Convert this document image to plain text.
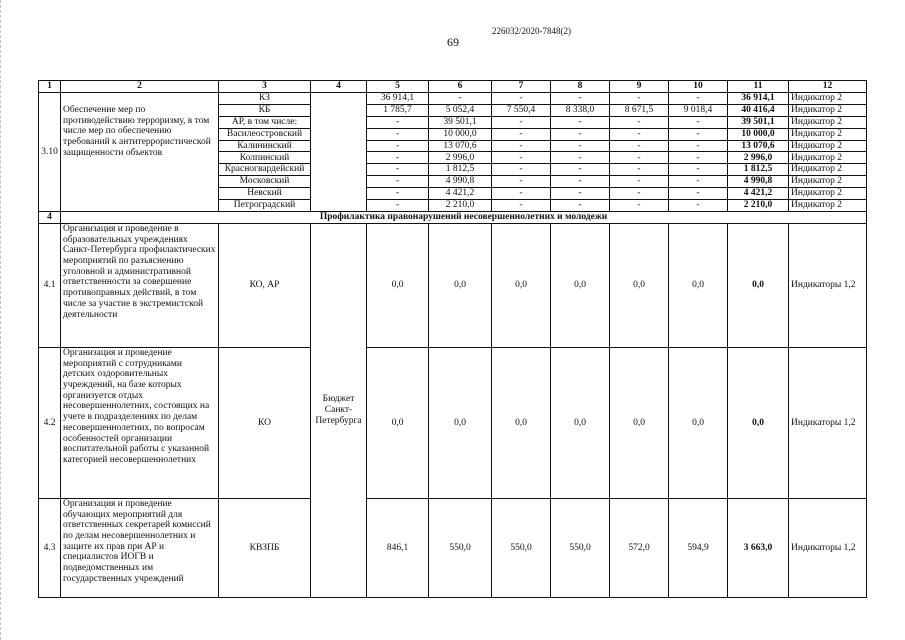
226032/2020-7848(2)
69
1	2	3	4	5	6	7	8	9	10	11	12
3.10	Обеспечение мер по противодействию терроризму, в том числе мер по обеспечению требований к антитеррористической защищенности объектов	КЗ		36 914,1	-	-	-	-	-	36 914,1	Индикатор 2
		КБ		1 785,7	5 052,4	7 550,4	8 338,0	8 671,5	9 018,4	40 416,4	Индикатор 2
		АР, в том числе:		-	39 501,1	-	-	-	-	39 501,1	Индикатор 2
		Василеостровский		-	10 000,0	-	-	-	-	10 000,0	Индикатор 2
		Калининский		-	13 070,6	-	-	-	-	13 070,6	Индикатор 2
		Колпинский		-	2 996,0	-	-	-	-	2 996,0	Индикатор 2
		Красногвардейский		-	1 812,5	-	-	-	-	1 812,5	Индикатор 2
		Московский		-	4 990,8	-	-	-	-	4 990,8	Индикатор 2
		Невский		-	4 421,2	-	-	-	-	4 421,2	Индикатор 2
		Петроградский		-	2 210,0	-	-	-	-	2 210,0	Индикатор 2
4	Профилактика правонарушений несовершеннолетних и молодежи										
4.1	Организация и проведение в образовательных учреждениях Санкт-Петербурга профилактических мероприятий по разъяснению уголовной и административной ответственности за совершение противоправных действий, в том числе за участие в экстремистской деятельности	КО, АР	Бюджет Санкт-Петербурга	0,0	0,0	0,0	0,0	0,0	0,0	0,0	Индикаторы 1,2
4.2	Организация и проведение мероприятий с сотрудниками детских оздоровительных учреждений, на базе которых организуется отдых несовершеннолетних, состоящих на учете в подразделениях по делам несовершеннолетних, по вопросам особенностей организации воспитательной работы с указанной категорией несовершеннолетних	КО		0,0	0,0	0,0	0,0	0,0	0,0	0,0	Индикаторы 1,2
4.3	Организация и проведение обучающих мероприятий для ответственных секретарей комиссий по делам несовершеннолетних и защите их прав при АР и специалистов ИОГВ и подведомственных им государственных учреждений	КВЗПБ		846,1	550,0	550,0	550,0	572,0	594,9	3 663,0	Индикаторы 1,2
